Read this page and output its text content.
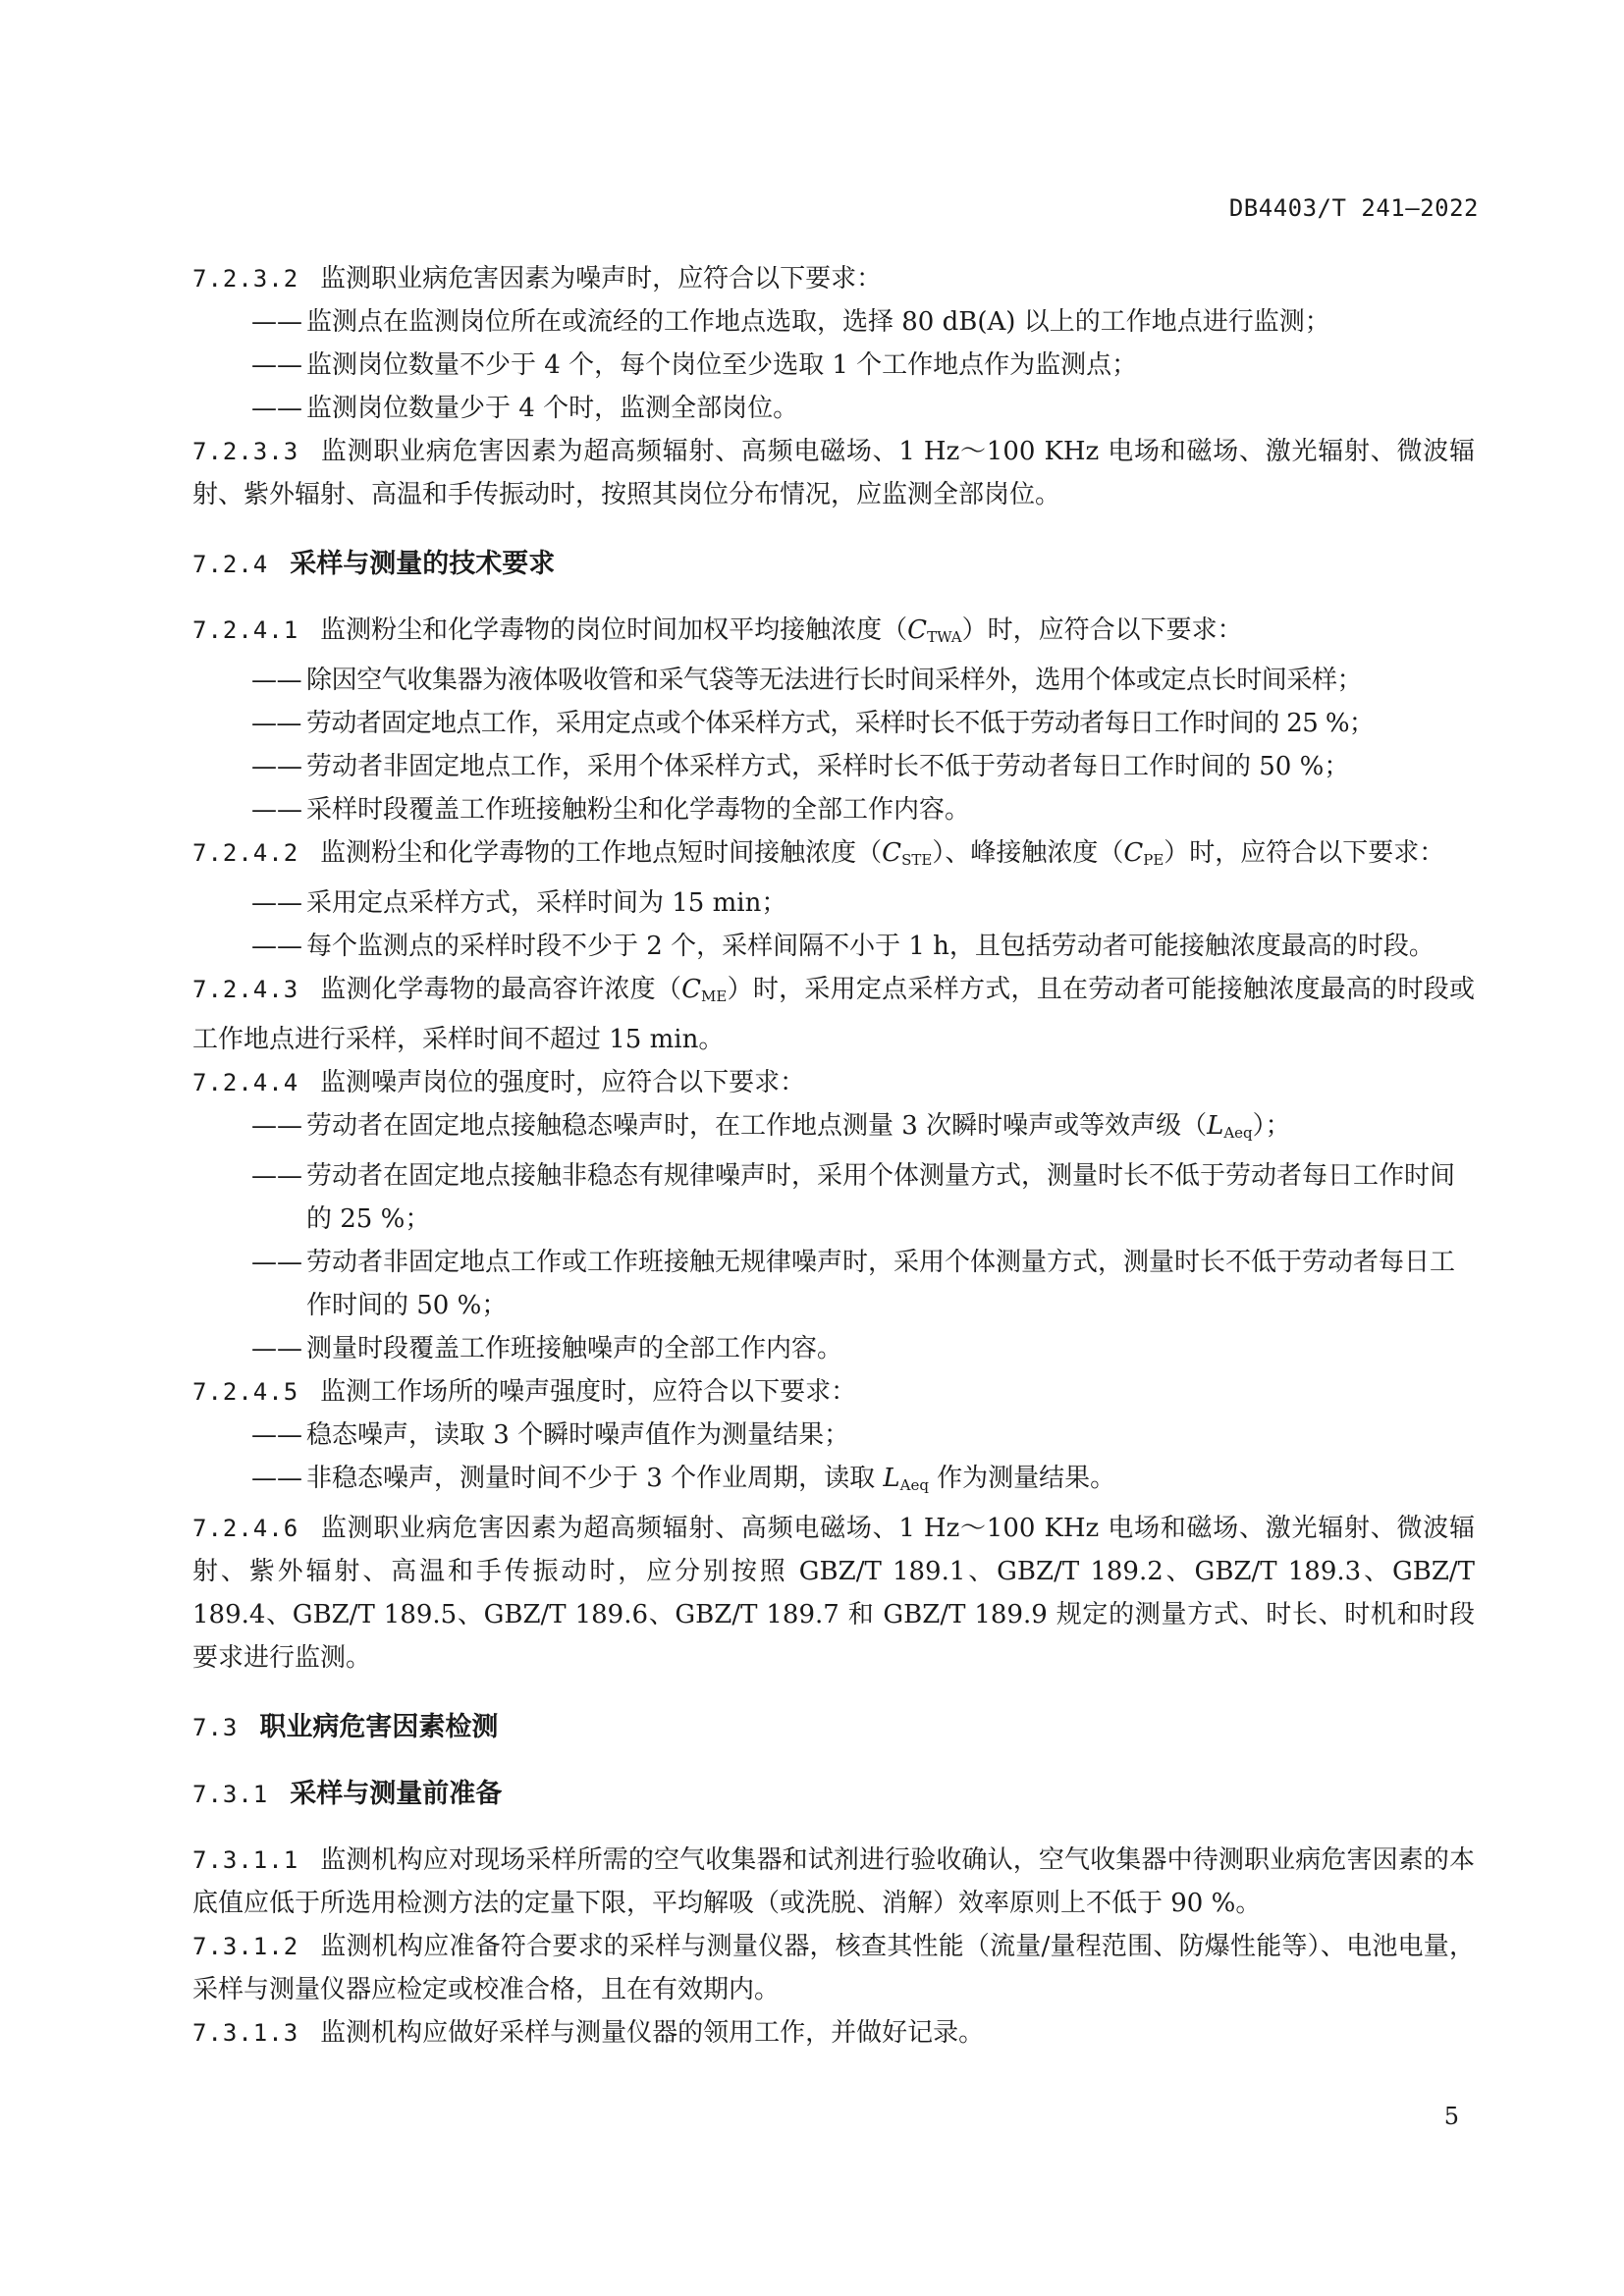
DB4403/T 241—2022
7.2.3.2 监测职业病危害因素为噪声时，应符合以下要求：
—— 监测点在监测岗位所在或流经的工作地点选取，选择 80 dB(A) 以上的工作地点进行监测；
—— 监测岗位数量不少于 4 个，每个岗位至少选取 1 个工作地点作为监测点；
—— 监测岗位数量少于 4 个时，监测全部岗位。
7.2.3.3 监测职业病危害因素为超高频辐射、高频电磁场、1 Hz～100 KHz 电场和磁场、激光辐射、微波辐射、紫外辐射、高温和手传振动时，按照其岗位分布情况，应监测全部岗位。
7.2.4 采样与测量的技术要求
7.2.4.1 监测粉尘和化学毒物的岗位时间加权平均接触浓度$(C_{TWA})$时，应符合以下要求：
—— 除因空气收集器为液体吸收管和采气袋等无法进行长时间采样外，选用个体或定点长时间采样；
—— 劳动者固定地点工作，采用定点或个体采样方式，采样时长不低于劳动者每日工作时间的 25 %；
—— 劳动者非固定地点工作，采用个体采样方式，采样时长不低于劳动者每日工作时间的 50 %；
—— 采样时段覆盖工作班接触粉尘和化学毒物的全部工作内容。
7.2.4.2 监测粉尘和化学毒物的工作地点短时间接触浓度$(C_{STE})$、峰接触浓度$(C_{PE})$时，应符合以下要求：
—— 采用定点采样方式，采样时间为 15 min；
—— 每个监测点的采样时段不少于 2 个，采样间隔不小于 1 h，且包括劳动者可能接触浓度最高的时段。
7.2.4.3 监测化学毒物的最高容许浓度$(C_{ME})$时，采用定点采样方式，且在劳动者可能接触浓度最高的时段或工作地点进行采样，采样时间不超过 15 min。
7.2.4.4 监测噪声岗位的强度时，应符合以下要求：
—— 劳动者在固定地点接触稳态噪声时，在工作地点测量 3 次瞬时噪声或等效声级$(L_{Aeq})$；
—— 劳动者在固定地点接触非稳态有规律噪声时，采用个体测量方式，测量时长不低于劳动者每日工作时间的 25 %；
—— 劳动者非固定地点工作或工作班接触无规律噪声时，采用个体测量方式，测量时长不低于劳动者每日工作时间的 50 %；
—— 测量时段覆盖工作班接触噪声的全部工作内容。
7.2.4.5 监测工作场所的噪声强度时，应符合以下要求：
—— 稳态噪声，读取 3 个瞬时噪声值作为测量结果；
—— 非稳态噪声，测量时间不少于 3 个作业周期，读取 $L_{Aeq}$ 作为测量结果。
7.2.4.6 监测职业病危害因素为超高频辐射、高频电磁场、1 Hz～100 KHz 电场和磁场、激光辐射、微波辐射、紫外辐射、高温和手传振动时，应分别按照 GBZ/T 189.1、GBZ/T 189.2、GBZ/T 189.3、GBZ/T 189.4、GBZ/T 189.5、GBZ/T 189.6、GBZ/T 189.7 和 GBZ/T 189.9 规定的测量方式、时长、时机和时段要求进行监测。
7.3 职业病危害因素检测
7.3.1 采样与测量前准备
7.3.1.1 监测机构应对现场采样所需的空气收集器和试剂进行验收确认，空气收集器中待测职业病危害因素的本底值应低于所选用检测方法的定量下限，平均解吸（或洗脱、消解）效率原则上不低于 90 %。
7.3.1.2 监测机构应准备符合要求的采样与测量仪器，核查其性能（流量/量程范围、防爆性能等）、电池电量，采样与测量仪器应检定或校准合格，且在有效期内。
7.3.1.3 监测机构应做好采样与测量仪器的领用工作，并做好记录。
5
